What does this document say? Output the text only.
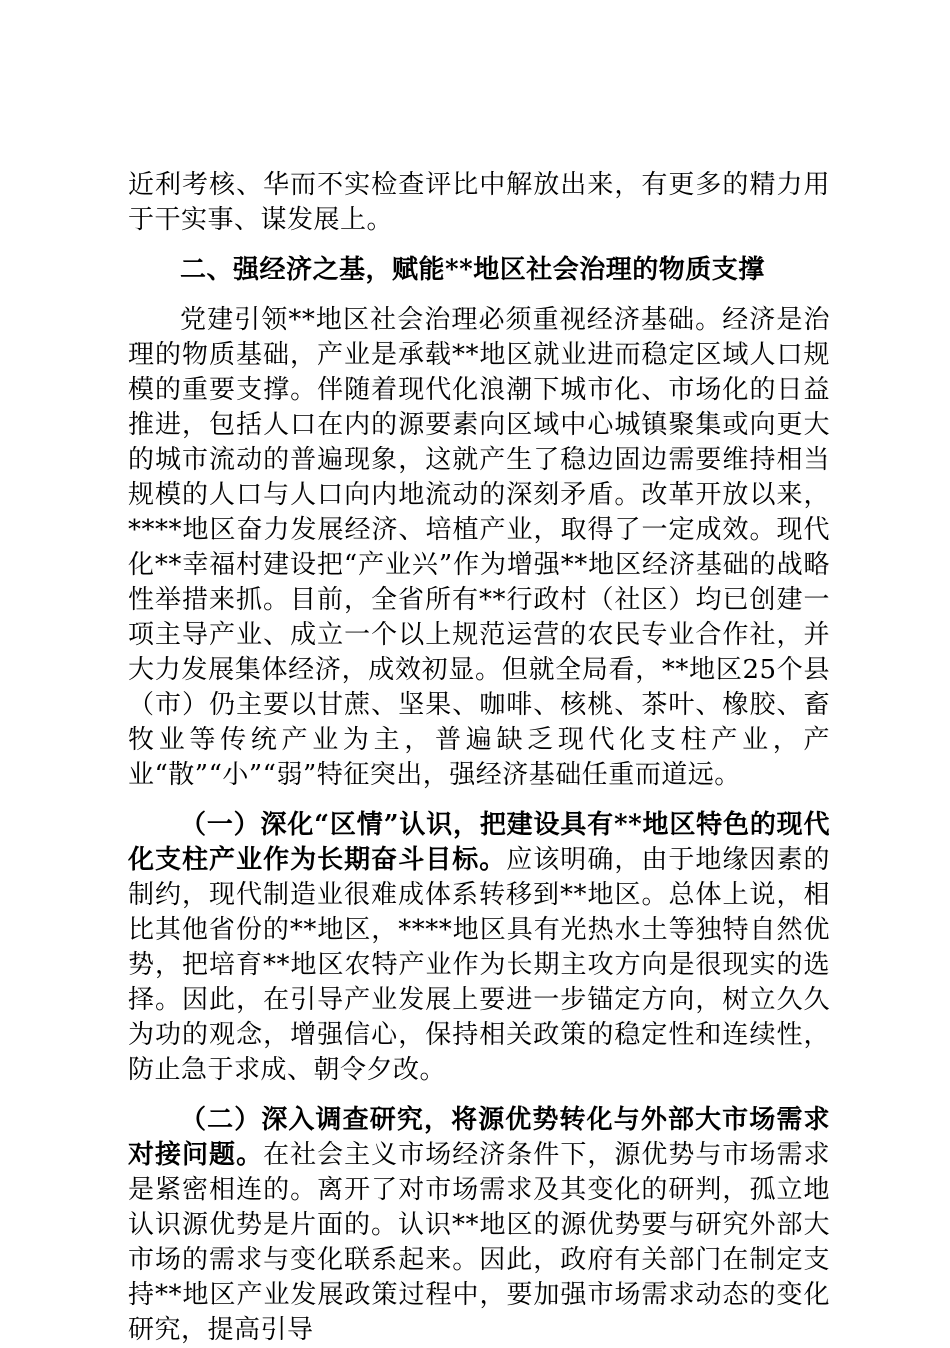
近利考核、华而不实检查评比中解放出来，有更多的精力用于干实事、谋发展上。

二、强经济之基，赋能**地区社会治理的物质支撑

党建引领**地区社会治理必须重视经济基础。经济是治理的物质基础，产业是承载**地区就业进而稳定区域人口规模的重要支撑。伴随着现代化浪潮下城市化、市场化的日益推进，包括人口在内的源要素向区域中心城镇聚集或向更大的城市流动的普遍现象，这就产生了稳边固边需要维持相当规模的人口与人口向内地流动的深刻矛盾。改革开放以来，****地区奋力发展经济、培植产业，取得了一定成效。现代化**幸福村建设把“产业兴”作为增强**地区经济基础的战略性举措来抓。目前，全省所有**行政村（社区）均已创建一项主导产业、成立一个以上规范运营的农民专业合作社，并大力发展集体经济，成效初显。但就全局看，**地区25个县（市）仍主要以甘蔗、坚果、咖啡、核桃、茶叶、橡胶、畜牧业等传统产业为主，普遍缺乏现代化支柱产业，产业“散”“小”“弱”特征突出，强经济基础任重而道远。

（一）深化“区情”认识，把建设具有**地区特色的现代化支柱产业作为长期奋斗目标。应该明确，由于地缘因素的制约，现代制造业很难成体系转移到**地区。总体上说，相比其他省份的**地区，****地区具有光热水土等独特自然优势，把培育**地区农特产业作为长期主攻方向是很现实的选择。因此，在引导产业发展上要进一步锚定方向，树立久久为功的观念，增强信心，保持相关政策的稳定性和连续性，防止急于求成、朝令夕改。

（二）深入调查研究，将源优势转化与外部大市场需求对接问题。在社会主义市场经济条件下，源优势与市场需求是紧密相连的。离开了对市场需求及其变化的研判，孤立地认识源优势是片面的。认识**地区的源优势要与研究外部大市场的需求与变化联系起来。因此，政府有关部门在制定支持**地区产业发展政策过程中，要加强市场需求动态的变化研究，提高引导
